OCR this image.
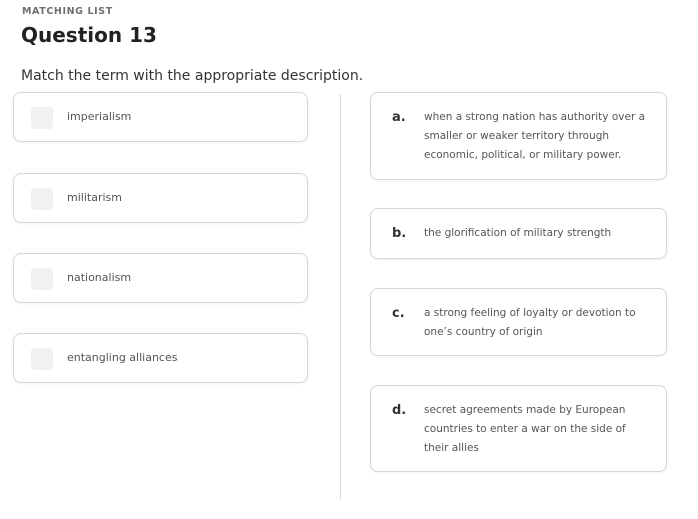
MATCHING LIST
Question 13
Match the term with the appropriate description.
imperialism
militarism
nationalism
entangling alliances
a. when a strong nation has authority over a smaller or weaker territory through economic, political, or military power.
b. the glorification of military strength
c. a strong feeling of loyalty or devotion to one’s country of origin
d. secret agreements made by European countries to enter a war on the side of their allies
